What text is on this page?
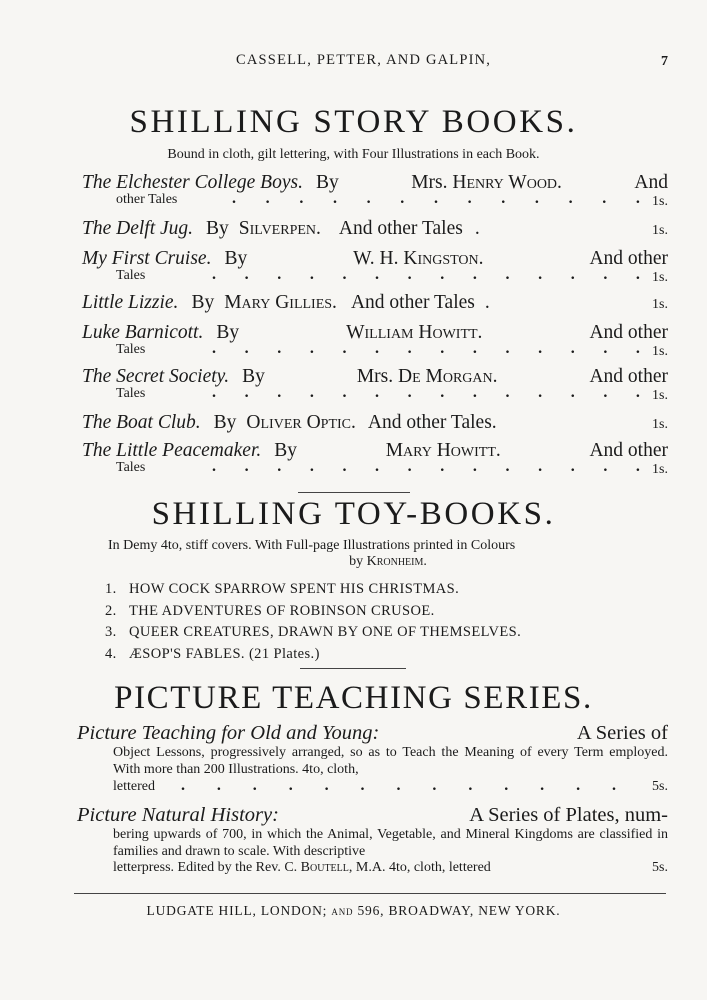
CASSELL, PETTER, AND GALPIN,	7
SHILLING STORY BOOKS.
Bound in cloth, gilt lettering, with Four Illustrations in each Book.
The Elchester College Boys. By	Mrs. Henry Wood.	And
other Tales	. . . . . . . . . . . . . 1s.
The Delft Jug. By Silverpen. And other Tales .	1s.
My First Cruise. By	W. H. Kingston.	And other
Tales	. . . . . . . . . . . . . . 1s.
Little Lizzie. By Mary Gillies. And other Tales .	1s.
Luke Barnicott. By	William Howitt.	And other
Tales	. . . . . . . . . . . . . . 1s.
The Secret Society. By	Mrs. De Morgan.	And other
Tales	. . . . . . . . . . . . . . 1s.
The Boat Club. By Oliver Optic. And other Tales.	1s.
The Little Peacemaker. By	Mary Howitt.	And other
Tales	. . . . . . . . . . . . . . 1s.
SHILLING TOY-BOOKS.
In Demy 4to, stiff covers. With Full-page Illustrations printed in Colours
by Kronheim.
1. HOW COCK SPARROW SPENT HIS CHRISTMAS.
2. THE ADVENTURES OF ROBINSON CRUSOE.
3. QUEER CREATURES, DRAWN BY ONE OF THEMSELVES.
4. ÆSOP'S FABLES. (21 Plates.)
PICTURE TEACHING SERIES.
Picture Teaching for Old and Young:	A Series of
Object Lessons, progressively arranged, so as to Teach the Meaning of every Term employed. With more than 200 Illustrations. 4to, cloth,
lettered . . . . . . . . . . . . .	5s.
Picture Natural History:	A Series of Plates, num-
bering upwards of 700, in which the Animal, Vegetable, and Mineral Kingdoms are classified in families and drawn to scale. With descriptive
letterpress. Edited by the Rev. C. Boutell, M.A. 4to, cloth, lettered	5s.
LUDGATE HILL, LONDON; and 596, BROADWAY, NEW YORK.
